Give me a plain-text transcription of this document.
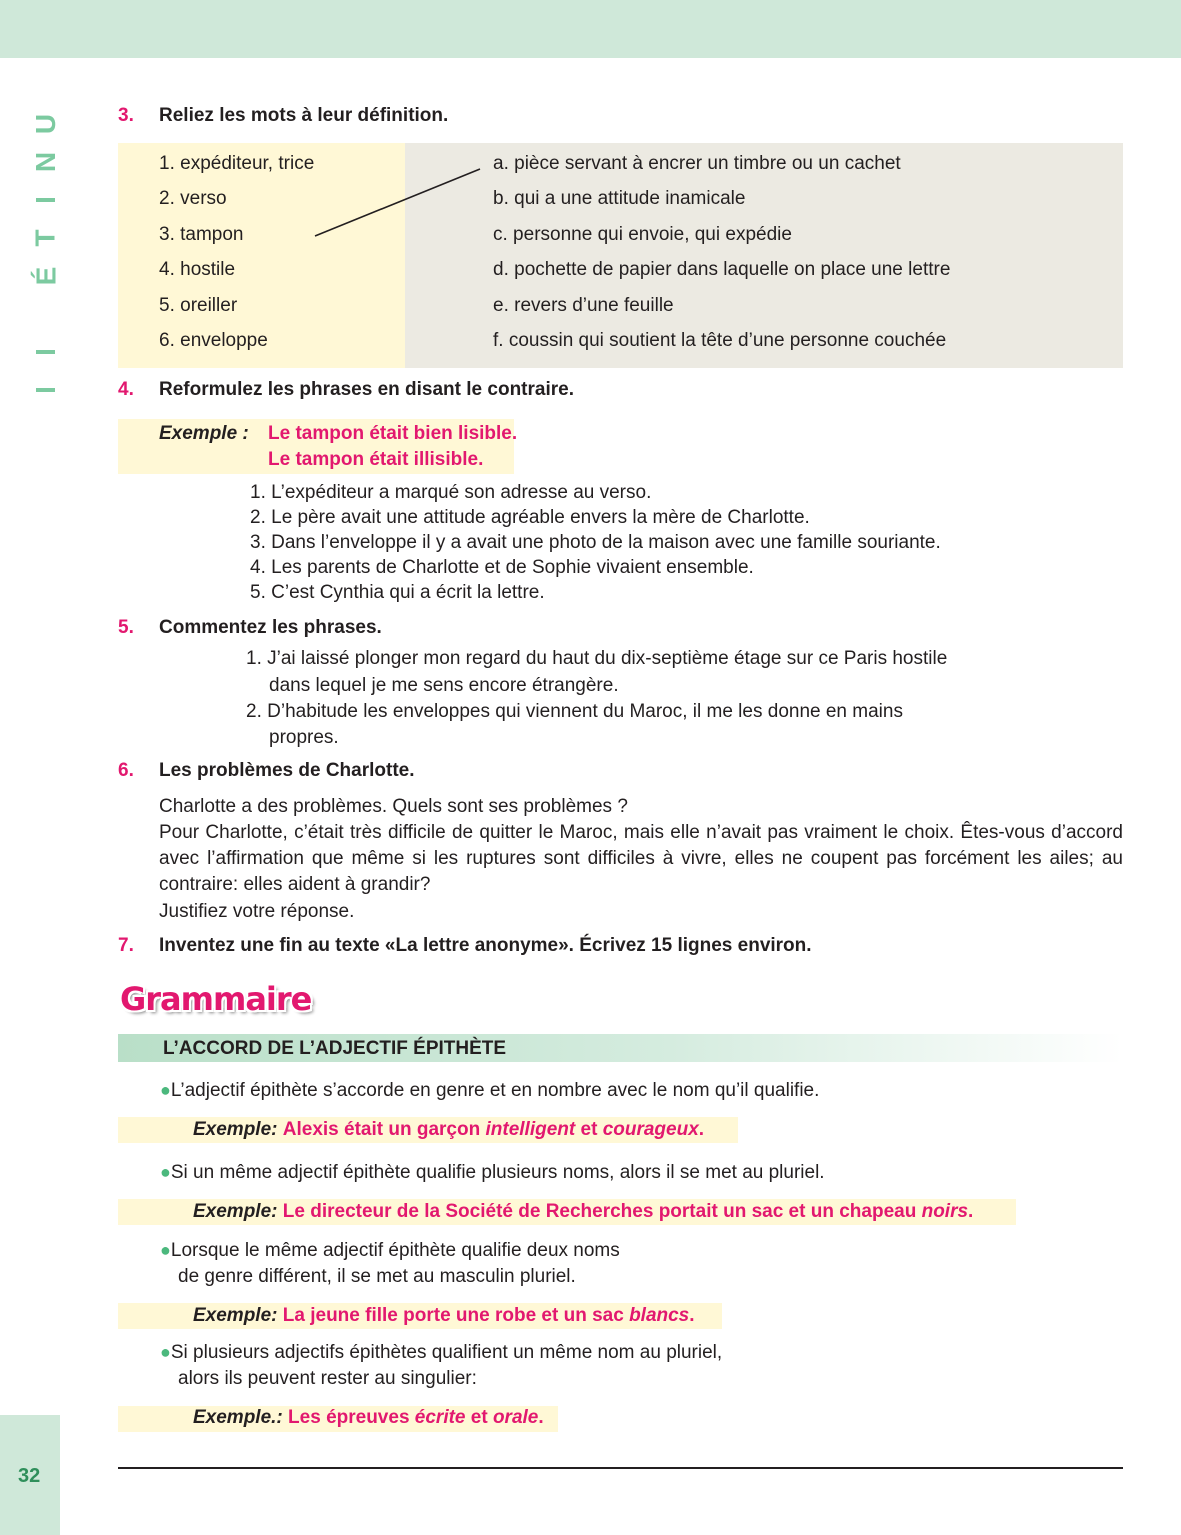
U
N
I
T
É

I
I
32
3. Reliez les mots à leur définition.
1. expéditeur, trice
2. verso
3. tampon
4. hostile
5. oreiller
6. enveloppe
a. pièce servant à encrer un timbre ou un cachet
b. qui a une attitude inamicale
c. personne qui envoie, qui expédie
d. pochette de papier dans laquelle on place une lettre
e. revers d’une feuille
f. coussin qui soutient la tête d’une personne couchée
4. Reformulez les phrases en disant le contraire.
Exemple : Le tampon était bien lisible.
Le tampon était illisible.
1. L’expéditeur a marqué son adresse au verso.
2. Le père avait une attitude agréable envers la mère de Charlotte.
3. Dans l’enveloppe il y a avait une photo de la maison avec une famille souriante.
4. Les parents de Charlotte et de Sophie vivaient ensemble.
5. C’est Cynthia qui a écrit la lettre.
5. Commentez les phrases.
1. J’ai laissé plonger mon regard du haut du dix-septième étage sur ce Paris hostile
dans lequel je me sens encore étrangère.
2. D’habitude les enveloppes qui viennent du Maroc, il me les donne en mains
propres.
6. Les problèmes de Charlotte.
Charlotte a des problèmes. Quels sont ses problèmes ?
Pour Charlotte, c’était très difficile de quitter le Maroc, mais elle n’avait pas vraiment le choix. Êtes-vous d’accord avec l’affirmation que même si les ruptures sont difficiles à vivre, elles ne coupent pas forcément les ailes; au contraire: elles aident à grandir?
Justifiez votre réponse.
7. Inventez une fin au texte «La lettre anonyme». Écrivez 15 lignes environ.
Grammaire
L’ACCORD DE L’ADJECTIF ÉPITHÈTE
●L’adjectif épithète s’accorde en genre et en nombre avec le nom qu’il qualifie.
Exemple: Alexis était un garçon intelligent et courageux.
●Si un même adjectif épithète qualifie plusieurs noms, alors il se met au pluriel.
Exemple: Le directeur de la Société de Recherches portait un sac et un chapeau noirs.
●Lorsque le même adjectif épithète qualifie deux noms
de genre différent, il se met au masculin pluriel.
Exemple: La jeune fille porte une robe et un sac blancs.
●Si plusieurs adjectifs épithètes qualifient un même nom au pluriel,
alors ils peuvent rester au singulier:
Exemple.: Les épreuves écrite et orale.
